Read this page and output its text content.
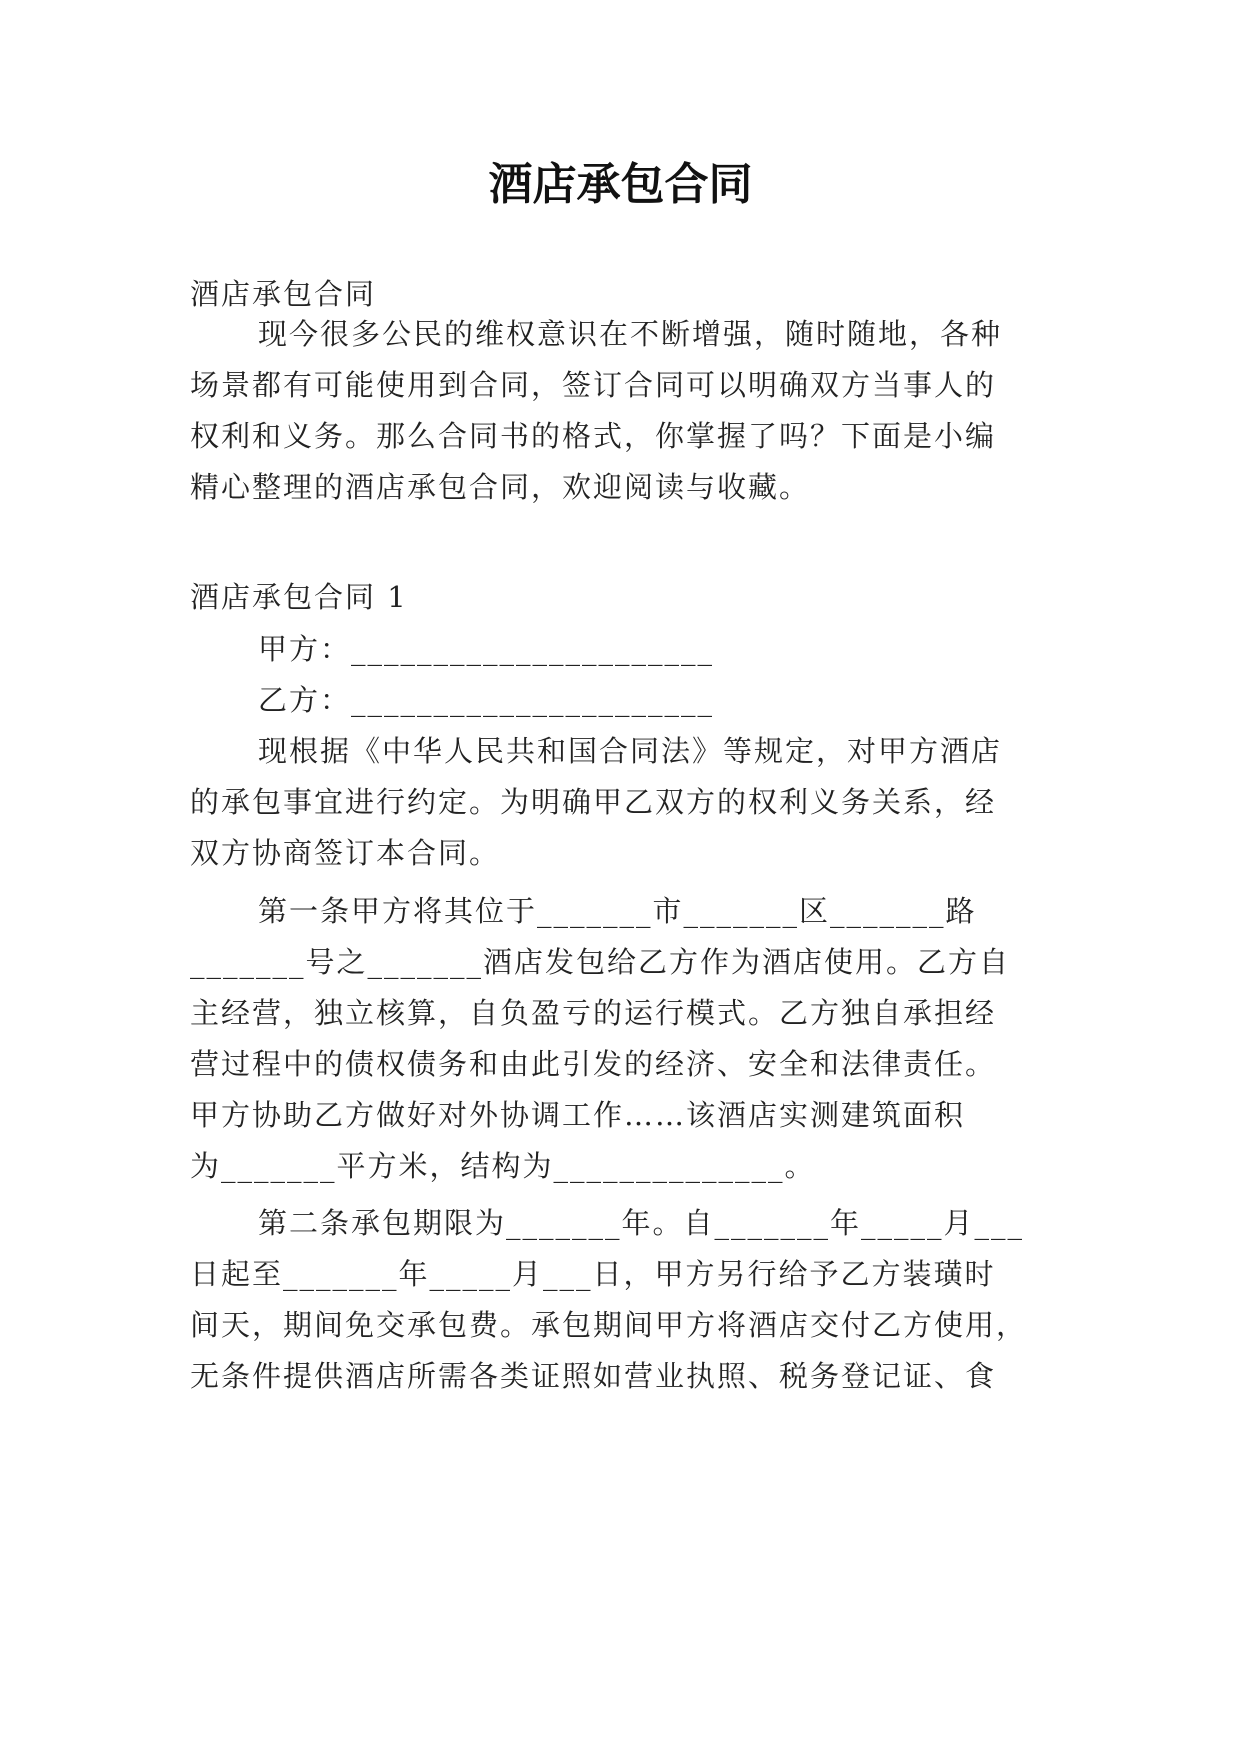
酒店承包合同

酒店承包合同

现今很多公民的维权意识在不断增强，随时随地，各种

场景都有可能使用到合同，签订合同可以明确双方当事人的

权利和义务。那么合同书的格式，你掌握了吗？下面是小编

精心整理的酒店承包合同，欢迎阅读与收藏。

酒店承包合同 1

甲方：______________________

乙方：______________________

现根据《中华人民共和国合同法》等规定，对甲方酒店

的承包事宜进行约定。为明确甲乙双方的权利义务关系，经

双方协商签订本合同。

第一条甲方将其位于_______市_______区_______路

_______号之_______酒店发包给乙方作为酒店使用。乙方自

主经营，独立核算，自负盈亏的运行模式。乙方独自承担经

营过程中的债权债务和由此引发的经济、安全和法律责任。

甲方协助乙方做好对外协调工作……该酒店实测建筑面积

为_______平方米，结构为______________。

第二条承包期限为_______年。自_______年_____月___

日起至_______年_____月___日，甲方另行给予乙方装璜时

间天，期间免交承包费。承包期间甲方将酒店交付乙方使用，

无条件提供酒店所需各类证照如营业执照、税务登记证、食
